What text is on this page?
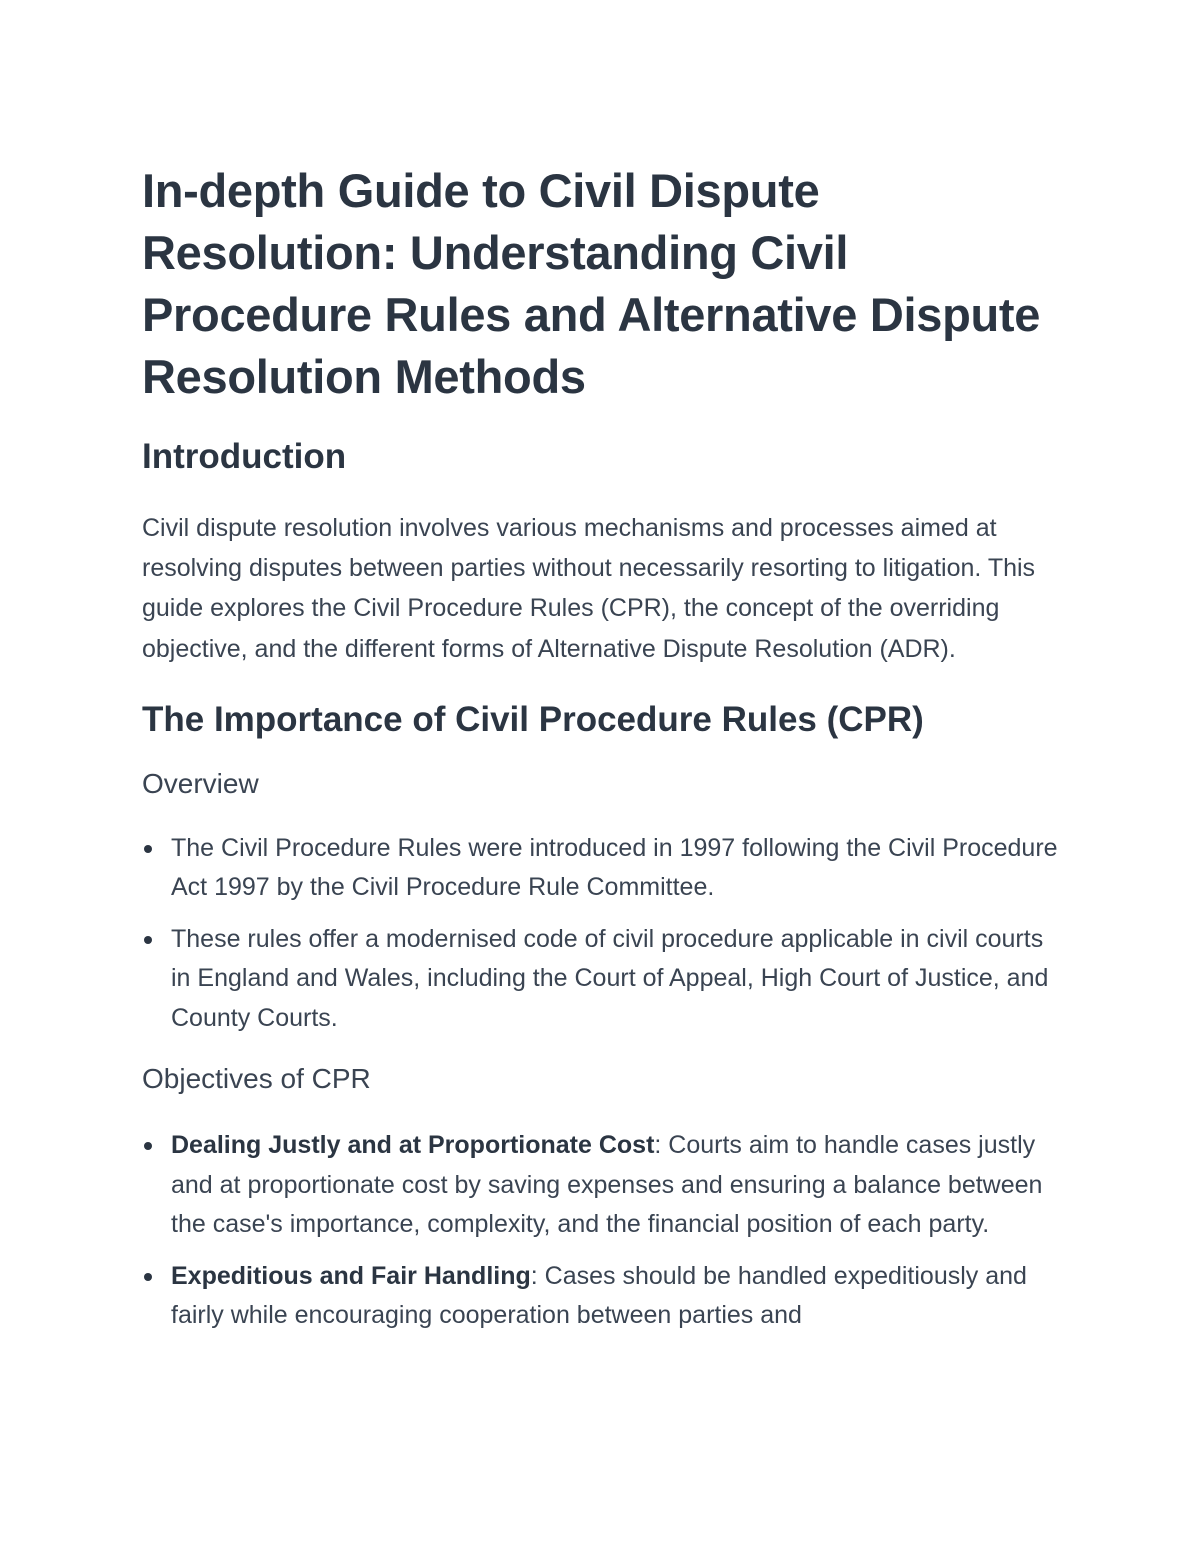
In-depth Guide to Civil Dispute Resolution: Understanding Civil Procedure Rules and Alternative Dispute Resolution Methods
Introduction

Civil dispute resolution involves various mechanisms and processes aimed at resolving disputes between parties without necessarily resorting to litigation. This guide explores the Civil Procedure Rules (CPR), the concept of the overriding objective, and the different forms of Alternative Dispute Resolution (ADR).

The Importance of Civil Procedure Rules (CPR)
Overview
The Civil Procedure Rules were introduced in 1997 following the Civil Procedure Act 1997 by the Civil Procedure Rule Committee.
These rules offer a modernised code of civil procedure applicable in civil courts in England and Wales, including the Court of Appeal, High Court of Justice, and County Courts.
Objectives of CPR
Dealing Justly and at Proportionate Cost: Courts aim to handle cases justly and at proportionate cost by saving expenses and ensuring a balance between the case's importance, complexity, and the financial position of each party.
Expeditious and Fair Handling: Cases should be handled expeditiously and fairly while encouraging cooperation between parties and
